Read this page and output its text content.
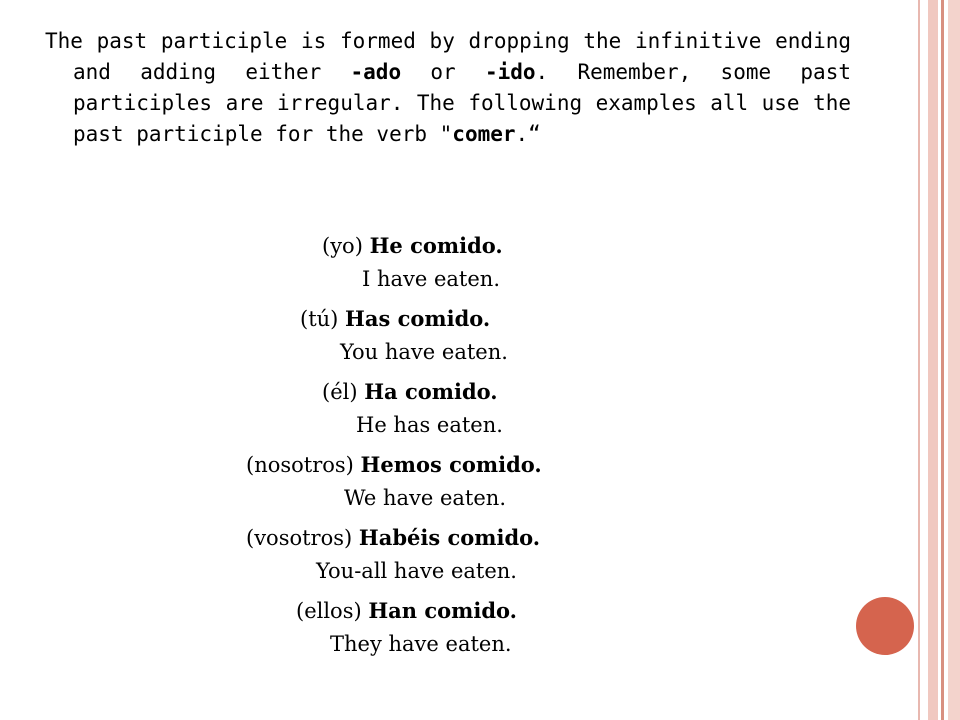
The past participle is formed by dropping the infinitive ending and adding either -ado or -ido. Remember, some past participles are irregular. The following examples all use the past participle for the verb "comer.“

(yo) He comido.
I have eaten.
(tú) Has comido.
You have eaten.
(él) Ha comido.
He has eaten.
(nosotros) Hemos comido.
We have eaten.
(vosotros) Habéis comido.
You-all have eaten.
(ellos) Han comido.
They have eaten.
